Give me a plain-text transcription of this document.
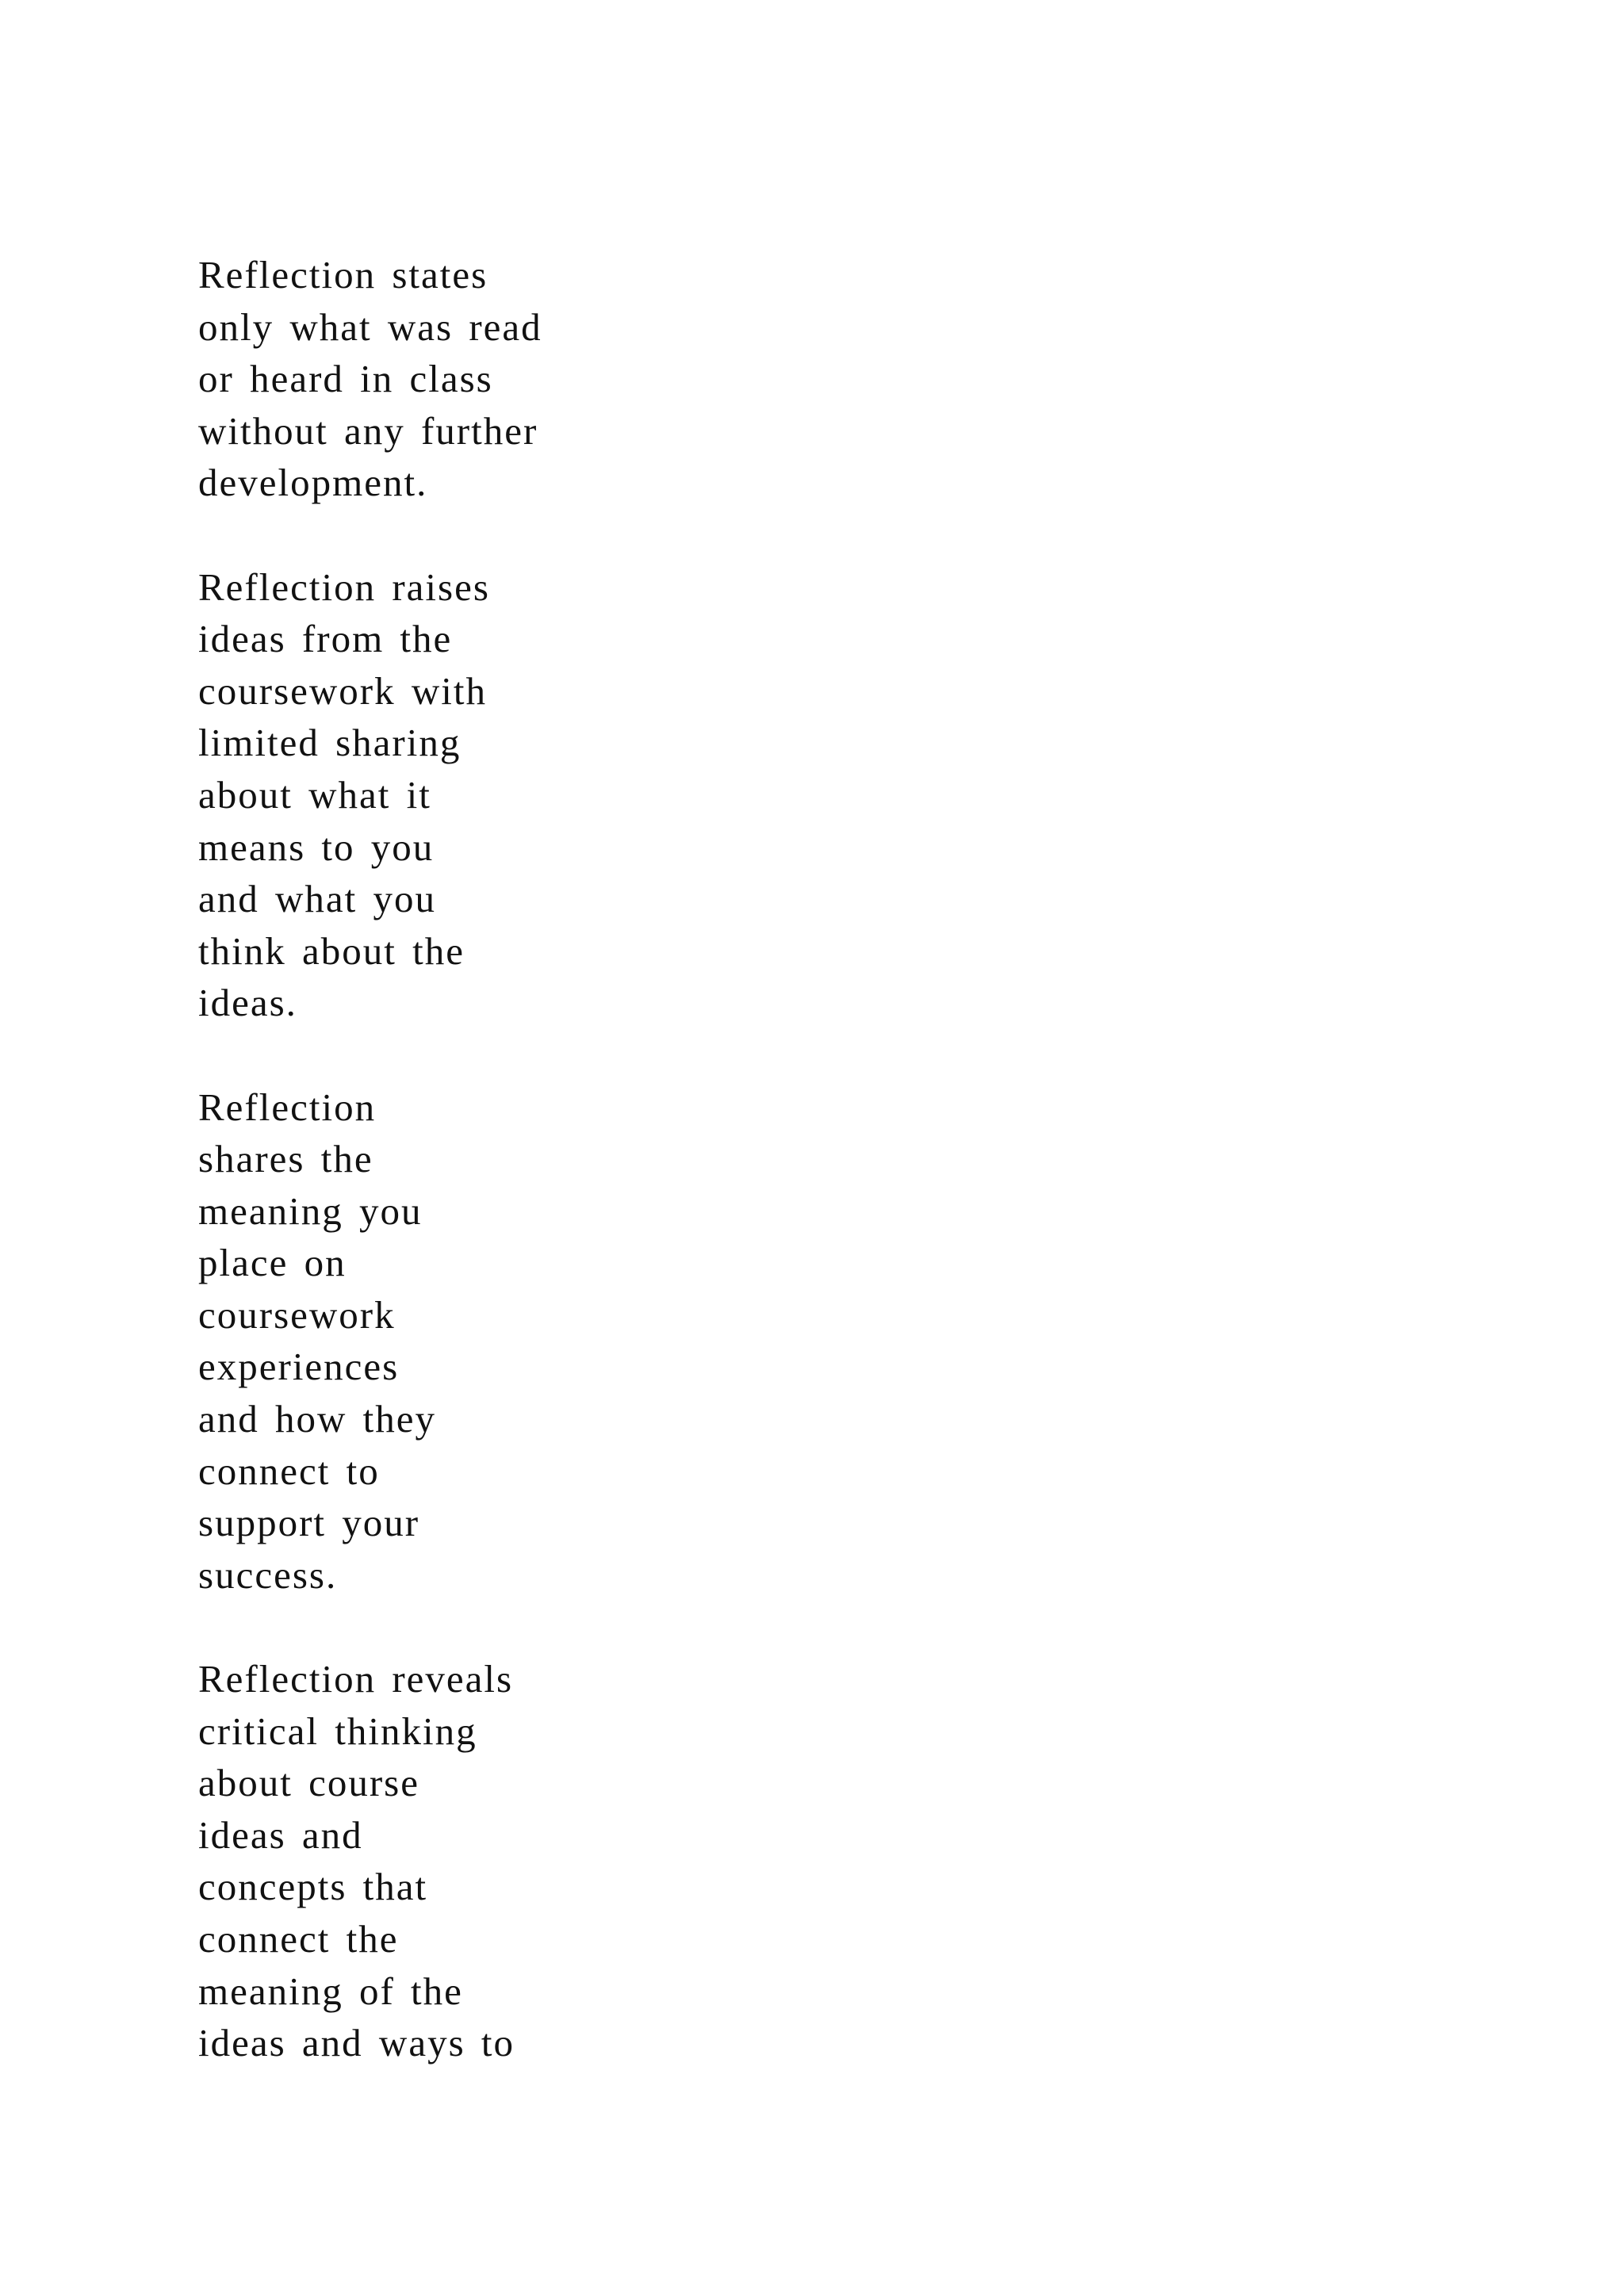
Reflection states
only what was read
or heard in class
without any further
development.

Reflection raises
ideas from the
coursework with
limited sharing
about what it
means to you
and what you
think about the
ideas.

Reflection
shares the
meaning you
place on
coursework
experiences
and how they
connect to
support your
success.

Reflection reveals
critical thinking
about course
ideas and
concepts that
connect the
meaning of the
ideas and ways to
